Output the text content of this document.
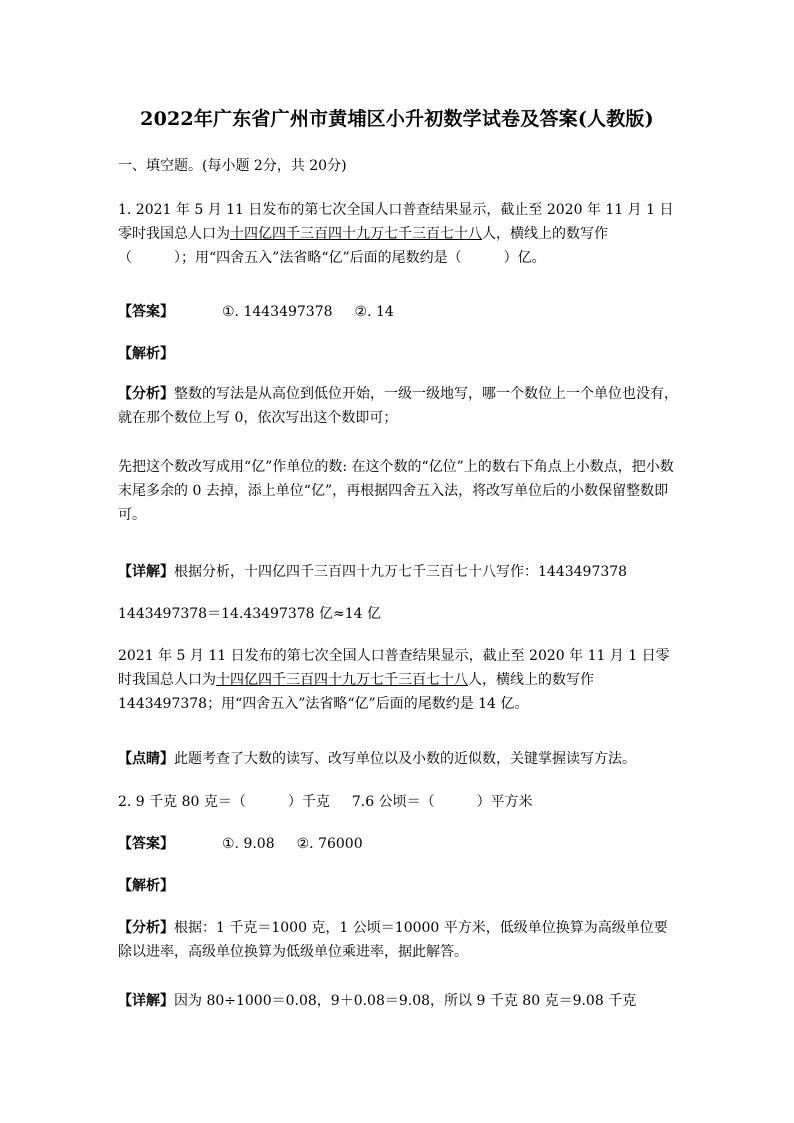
2022年广东省广州市黄埔区小升初数学试卷及答案(人教版)
一、填空题。(每小题 2分，共 20分)
1. 2021 年 5 月 11 日发布的第七次全国人口普查结果显示，截止至 2020 年 11 月 1 日零时我国总人口为十四亿四千三百四十九万七千三百七十八人，横线上的数写作（　　　）；用“四舍五入”法省略“亿”后面的尾数约是（　　　）亿。
【答案】	①. 1443497378 ②. 14
【解析】
【分析】整数的写法是从高位到低位开始，一级一级地写，哪一个数位上一个单位也没有，就在那个数位上写 0，依次写出这个数即可；
先把这个数改写成用“亿”作单位的数: 在这个数的“亿位”上的数右下角点上小数点，把小数末尾多余的 0 去掉，添上单位“亿”，再根据四舍五入法，将改写单位后的小数保留整数即可。
【详解】根据分析，十四亿四千三百四十九万七千三百七十八写作：1443497378
1443497378＝14.43497378 亿≈14 亿
2021 年 5 月 11 日发布的第七次全国人口普查结果显示，截止至 2020 年 11 月 1 日零时我国总人口为十四亿四千三百四十九万七千三百七十八人，横线上的数写作 1443497378；用“四舍五入”法省略“亿”后面的尾数约是 14 亿。
【点睛】此题考查了大数的读写、改写单位以及小数的近似数，关键掌握读写方法。
2. 9 千克 80 克＝（　　　）千克 7.6 公顷＝（　　　）平方米
【答案】	①. 9.08 ②. 76000
【解析】
【分析】根据：1 千克＝1000 克，1 公顷＝10000 平方米，低级单位换算为高级单位要除以进率，高级单位换算为低级单位乘进率，据此解答。
【详解】因为 80÷1000＝0.08，9＋0.08＝9.08，所以 9 千克 80 克＝9.08 千克
